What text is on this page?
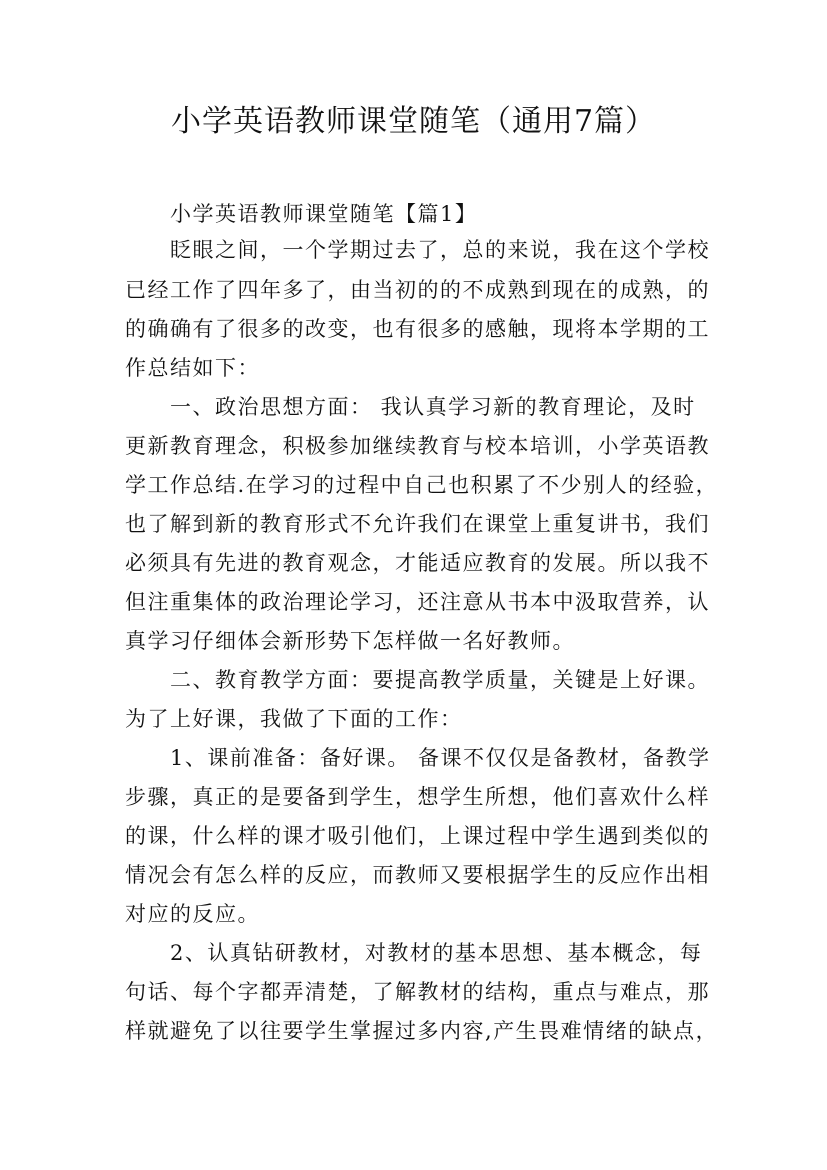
小学英语教师课堂随笔（通用7篇）
小学英语教师课堂随笔【篇1】
眨眼之间，一个学期过去了，总的来说，我在这个学校
已经工作了四年多了，由当初的的不成熟到现在的成熟，的
的确确有了很多的改变，也有很多的感触，现将本学期的工
作总结如下：
一、政治思想方面： 我认真学习新的教育理论，及时
更新教育理念，积极参加继续教育与校本培训，小学英语教
学工作总结.在学习的过程中自己也积累了不少别人的经验，
也了解到新的教育形式不允许我们在课堂上重复讲书，我们
必须具有先进的教育观念，才能适应教育的发展。所以我不
但注重集体的政治理论学习，还注意从书本中汲取营养，认
真学习仔细体会新形势下怎样做一名好教师。
二、教育教学方面：要提高教学质量，关键是上好课。
为了上好课，我做了下面的工作：
1、课前准备：备好课。 备课不仅仅是备教材，备教学
步骤，真正的是要备到学生，想学生所想，他们喜欢什么样
的课，什么样的课才吸引他们，上课过程中学生遇到类似的
情况会有怎么样的反应，而教师又要根据学生的反应作出相
对应的反应。
2、认真钻研教材，对教材的基本思想、基本概念，每
句话、每个字都弄清楚，了解教材的结构，重点与难点，那
样就避免了以往要学生掌握过多内容,产生畏难情绪的缺点，
